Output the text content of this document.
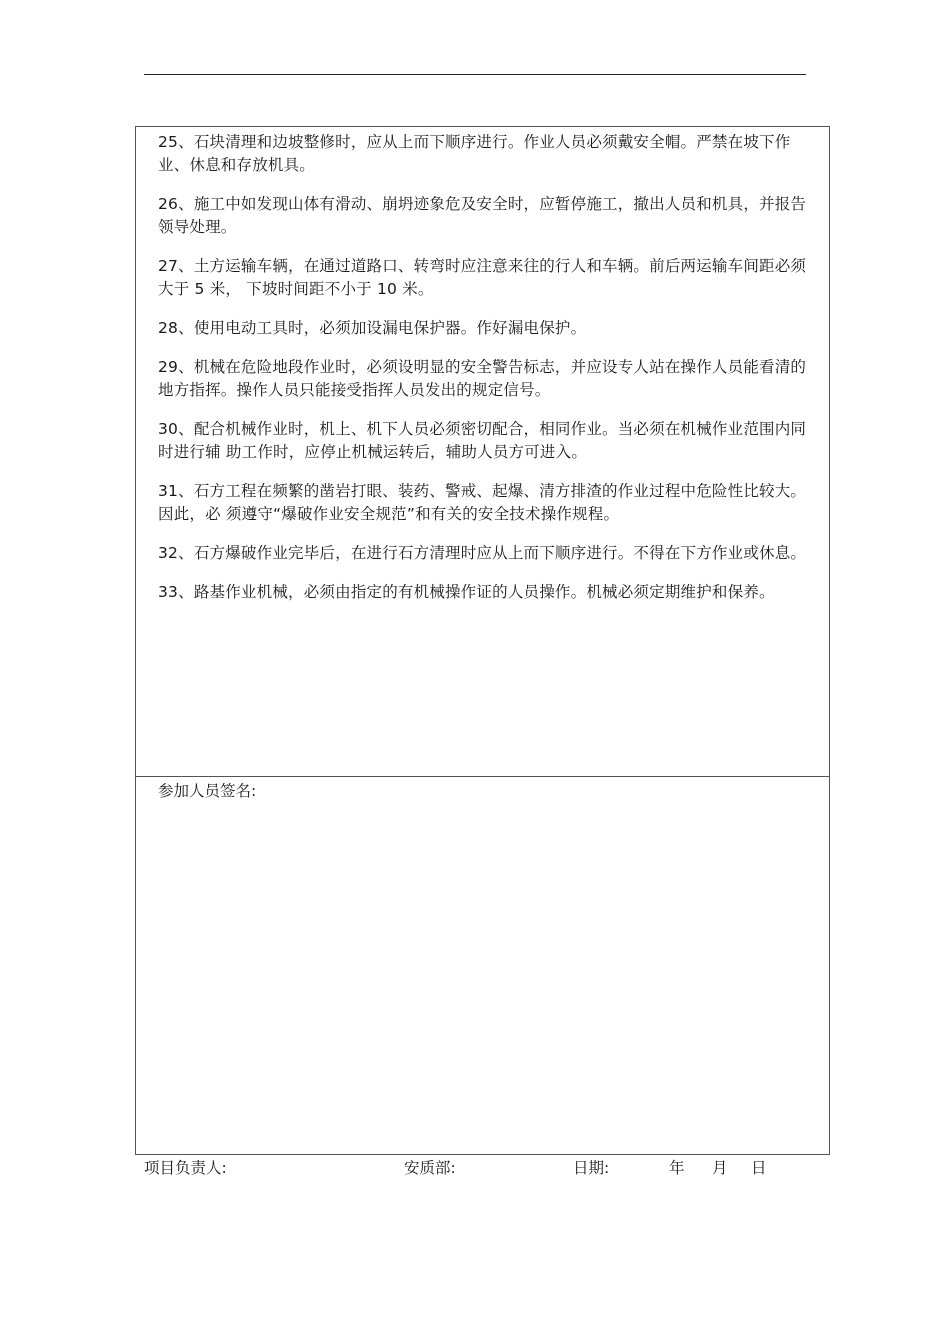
25、石块清理和边坡整修时，应从上而下顺序进行。作业人员必须戴安全帽。严禁在坡下作业、休息和存放机具。

26、施工中如发现山体有滑动、崩坍迹象危及安全时，应暂停施工，撤出人员和机具，并报告领导处理。

27、土方运输车辆，在通过道路口、转弯时应注意来往的行人和车辆。前后两运输车间距必须大于 5 米， 下坡时间距不小于 10 米。

28、使用电动工具时，必须加设漏电保护器。作好漏电保护。

29、机械在危险地段作业时，必须设明显的安全警告标志，并应设专人站在操作人员能看清的地方指挥。操作人员只能接受指挥人员发出的规定信号。

30、配合机械作业时，机上、机下人员必须密切配合，相同作业。当必须在机械作业范围内同时进行辅 助工作时，应停止机械运转后，辅助人员方可进入。

31、石方工程在频繁的凿岩打眼、装药、警戒、起爆、清方排渣的作业过程中危险性比较大。因此，必 须遵守“爆破作业安全规范”和有关的安全技术操作规程。

32、石方爆破作业完毕后，在进行石方清理时应从上而下顺序进行。不得在下方作业或休息。

33、路基作业机械，必须由指定的有机械操作证的人员操作。机械必须定期维护和保养。

参加人员签名:
项目负责人:	安质部:	日期:	年 月 日
